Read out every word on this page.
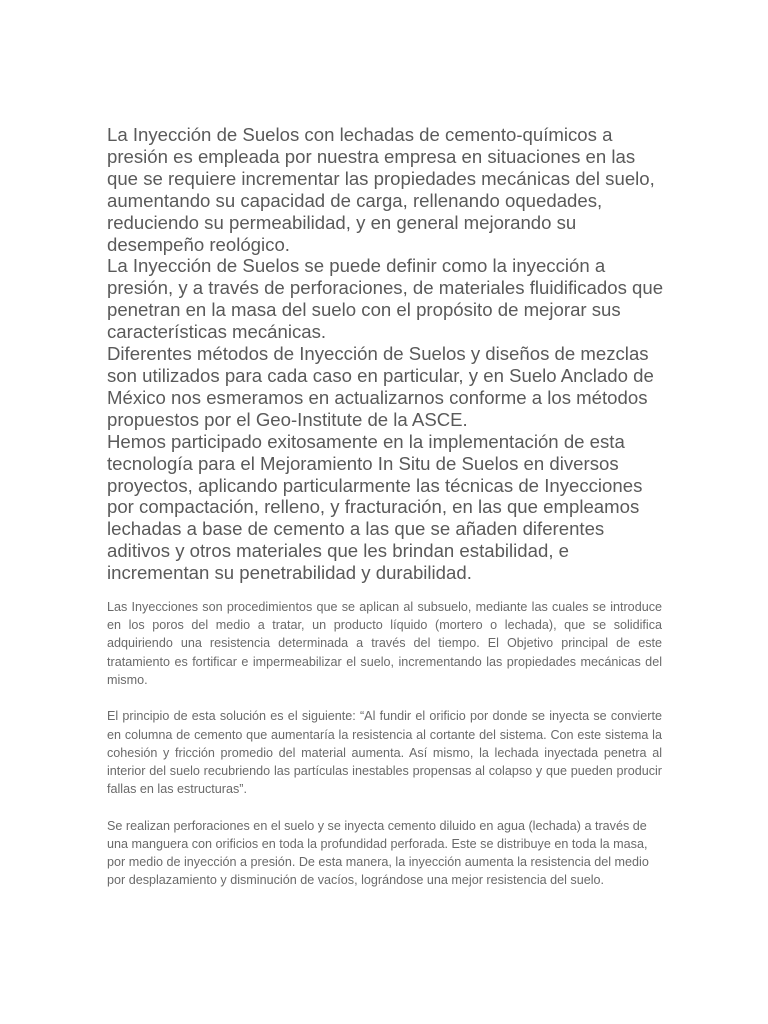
La Inyección de Suelos con lechadas de cemento-químicos a presión es empleada por nuestra empresa en situaciones en las que se requiere incrementar las propiedades mecánicas del suelo, aumentando su capacidad de carga, rellenando oquedades, reduciendo su permeabilidad, y en general mejorando su desempeño reológico.

La Inyección de Suelos se puede definir como la inyección a presión, y a través de perforaciones, de materiales fluidificados que penetran en la masa del suelo con el propósito de mejorar sus características mecánicas.

Diferentes métodos de Inyección de Suelos y diseños de mezclas son utilizados para cada caso en particular, y en Suelo Anclado de México nos esmeramos en actualizarnos conforme a los métodos propuestos por el Geo-Institute de la ASCE.

Hemos participado exitosamente en la implementación de esta tecnología para el Mejoramiento In Situ de Suelos en diversos proyectos, aplicando particularmente las técnicas de Inyecciones por compactación, relleno, y fracturación, en las que empleamos lechadas a base de cemento a las que se añaden diferentes aditivos y otros materiales que les brindan estabilidad, e incrementan su penetrabilidad y durabilidad.

Las Inyecciones son procedimientos que se aplican al subsuelo, mediante las cuales se introduce en los poros del medio a tratar, un producto líquido (mortero o lechada), que se solidifica adquiriendo una resistencia determinada a través del tiempo. El Objetivo principal de este tratamiento es fortificar e impermeabilizar el suelo, incrementando las propiedades mecánicas del mismo.

El principio de esta solución es el siguiente: “Al fundir el orificio por donde se inyecta se convierte en columna de cemento que aumentaría la resistencia al cortante del sistema. Con este sistema la cohesión y fricción promedio del material aumenta. Así mismo, la lechada inyectada penetra al interior del suelo recubriendo las partículas inestables propensas al colapso y que pueden producir fallas en las estructuras”.

Se realizan perforaciones en el suelo y se inyecta cemento diluido en agua (lechada) a través de una manguera con orificios en toda la profundidad perforada. Este se distribuye en toda la masa, por medio de inyección a presión. De esta manera, la inyección aumenta la resistencia del medio por desplazamiento y disminución de vacíos, lográndose una mejor resistencia del suelo.
